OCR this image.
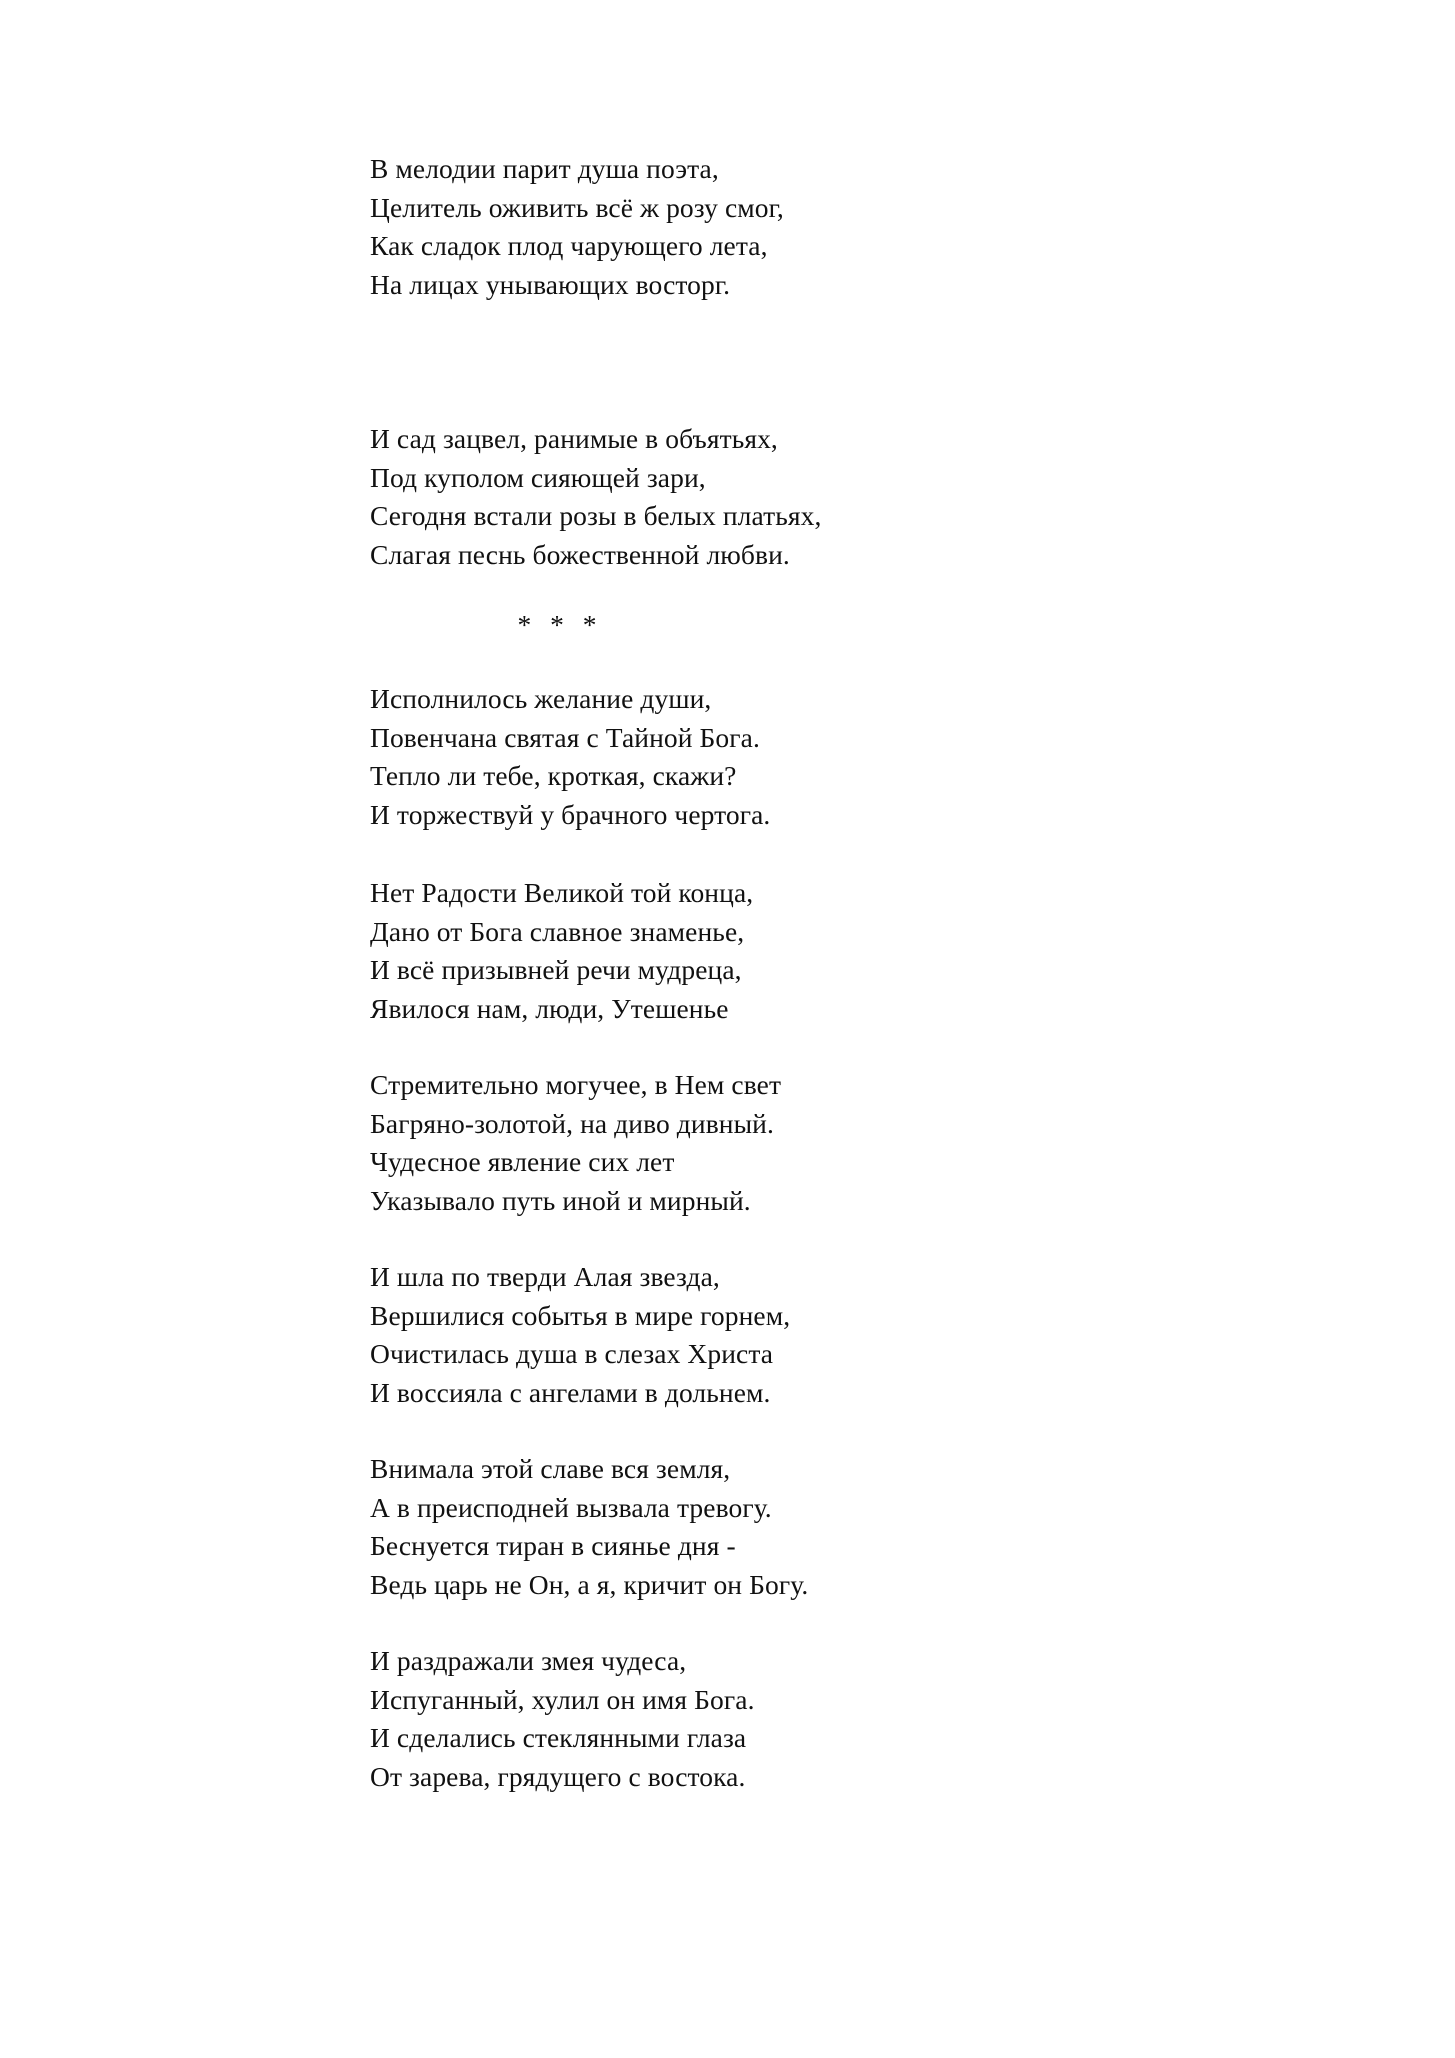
В мелодии парит душа поэта,
Целитель оживить всё ж розу смог,
Как сладок плод чарующего лета,
На лицах унывающих восторг.
И сад зацвел, ранимые в объятьях,
Под куполом сияющей зари,
Сегодня встали розы в белых платьях,
Слагая песнь божественной любви.
* * *
Исполнилось желание души,
Повенчана святая с Тайной Бога.
Тепло ли тебе, кроткая, скажи?
И торжествуй у брачного чертога.
Нет Радости Великой той конца,
Дано от Бога славное знаменье,
И всё призывней речи мудреца,
Явилося нам, люди, Утешенье
Стремительно могучее, в Нем свет
Багряно-золотой, на диво дивный.
Чудесное явление сих лет
Указывало путь иной и мирный.
И шла по тверди Алая звезда,
Вершилися событья в мире горнем,
Очистилась душа в слезах Христа
И воссияла с ангелами в дольнем.
Внимала этой славе вся земля,
А в преисподней вызвала тревогу.
Беснуется тиран в сиянье дня -
Ведь царь не Он, а я, кричит он Богу.
И раздражали змея чудеса,
Испуганный, хулил он имя Бога.
И сделались стеклянными глаза
От зарева, грядущего с востока.
